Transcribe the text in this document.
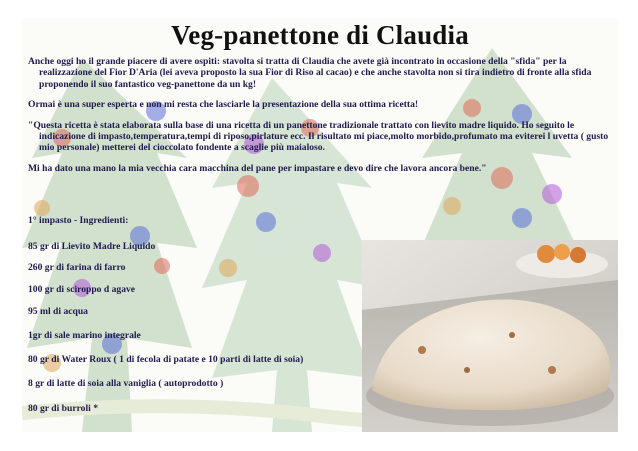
Veg-panettone di Claudia

Anche oggi ho il grande piacere di avere ospiti: stavolta si tratta di Claudia che avete già incontrato in occasione della "sfida" per la realizzazione del Fior D'Aria (lei aveva proposto la sua Fior di Riso al cacao) e che anche stavolta non si tira indietro di fronte alla sfida proponendo il suo fantastico veg-panettone da un kg!

Ormai è una super esperta e non mi resta che lasciarle la presentazione della sua ottima ricetta!

"Questa ricetta è stata elaborata sulla base di una ricetta di un panettone tradizionale trattato con lievito madre liquido. Ho seguito le indicazione di impasto,temperatura,tempi di riposo,pirlature ecc. Il risultato mi piace,molto morbido,profumato ma eviterei l uvetta ( gusto mio personale) metterei del cioccolato fondente a scaglie più maialoso.

Mi ha dato una mano la mia vecchia cara macchina del pane per impastare e devo dire che lavora ancora bene."

1° impasto - Ingredienti:

85 gr di Lievito Madre Liquido

260 gr di farina di farro

100 gr di sciroppo d agave

95 ml di acqua

1gr di sale marino integrale

80 gr di Water Roux ( 1 di fecola di patate e 10 parti di latte di soia)

8 gr di latte di soia alla vaniglia ( autoprodotto )

80 gr di burroli *
